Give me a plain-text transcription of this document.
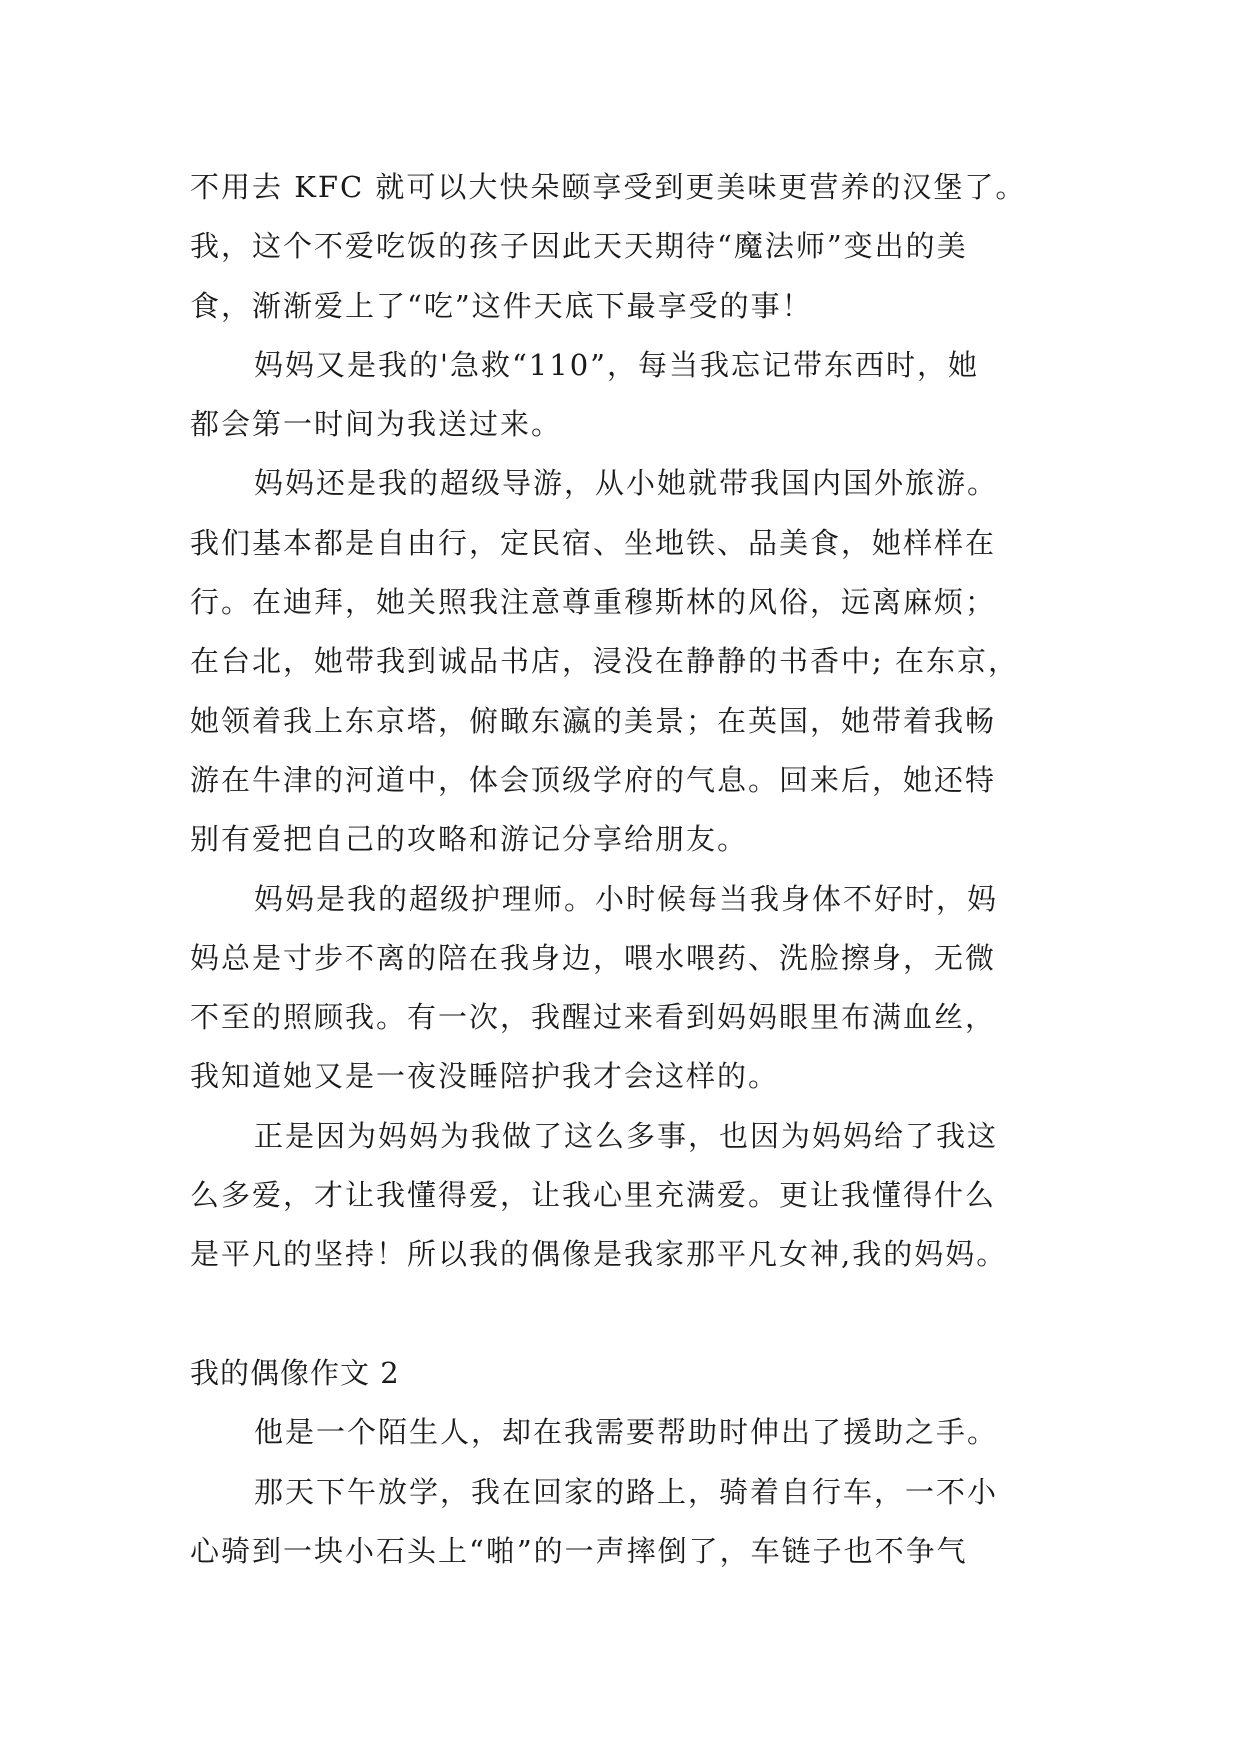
不用去 KFC 就可以大快朵颐享受到更美味更营养的汉堡了。
我，这个不爱吃饭的孩子因此天天期待“魔法师”变出的美
食，渐渐爱上了“吃”这件天底下最享受的事！
妈妈又是我的'急救“110”，每当我忘记带东西时，她
都会第一时间为我送过来。
妈妈还是我的超级导游，从小她就带我国内国外旅游。
我们基本都是自由行，定民宿、坐地铁、品美食，她样样在
行。在迪拜，她关照我注意尊重穆斯林的风俗，远离麻烦；
在台北，她带我到诚品书店，浸没在静静的书香中; 在东京，
她领着我上东京塔，俯瞰东瀛的美景；在英国，她带着我畅
游在牛津的河道中，体会顶级学府的气息。回来后，她还特
别有爱把自己的攻略和游记分享给朋友。
妈妈是我的超级护理师。小时候每当我身体不好时，妈
妈总是寸步不离的陪在我身边，喂水喂药、洗脸擦身，无微
不至的照顾我。有一次，我醒过来看到妈妈眼里布满血丝，
我知道她又是一夜没睡陪护我才会这样的。
正是因为妈妈为我做了这么多事，也因为妈妈给了我这
么多爱，才让我懂得爱，让我心里充满爱。更让我懂得什么
是平凡的坚持！所以我的偶像是我家那平凡女神,我的妈妈。
我的偶像作文 2
他是一个陌生人，却在我需要帮助时伸出了援助之手。
那天下午放学，我在回家的路上，骑着自行车，一不小
心骑到一块小石头上“啪”的一声摔倒了，车链子也不争气
